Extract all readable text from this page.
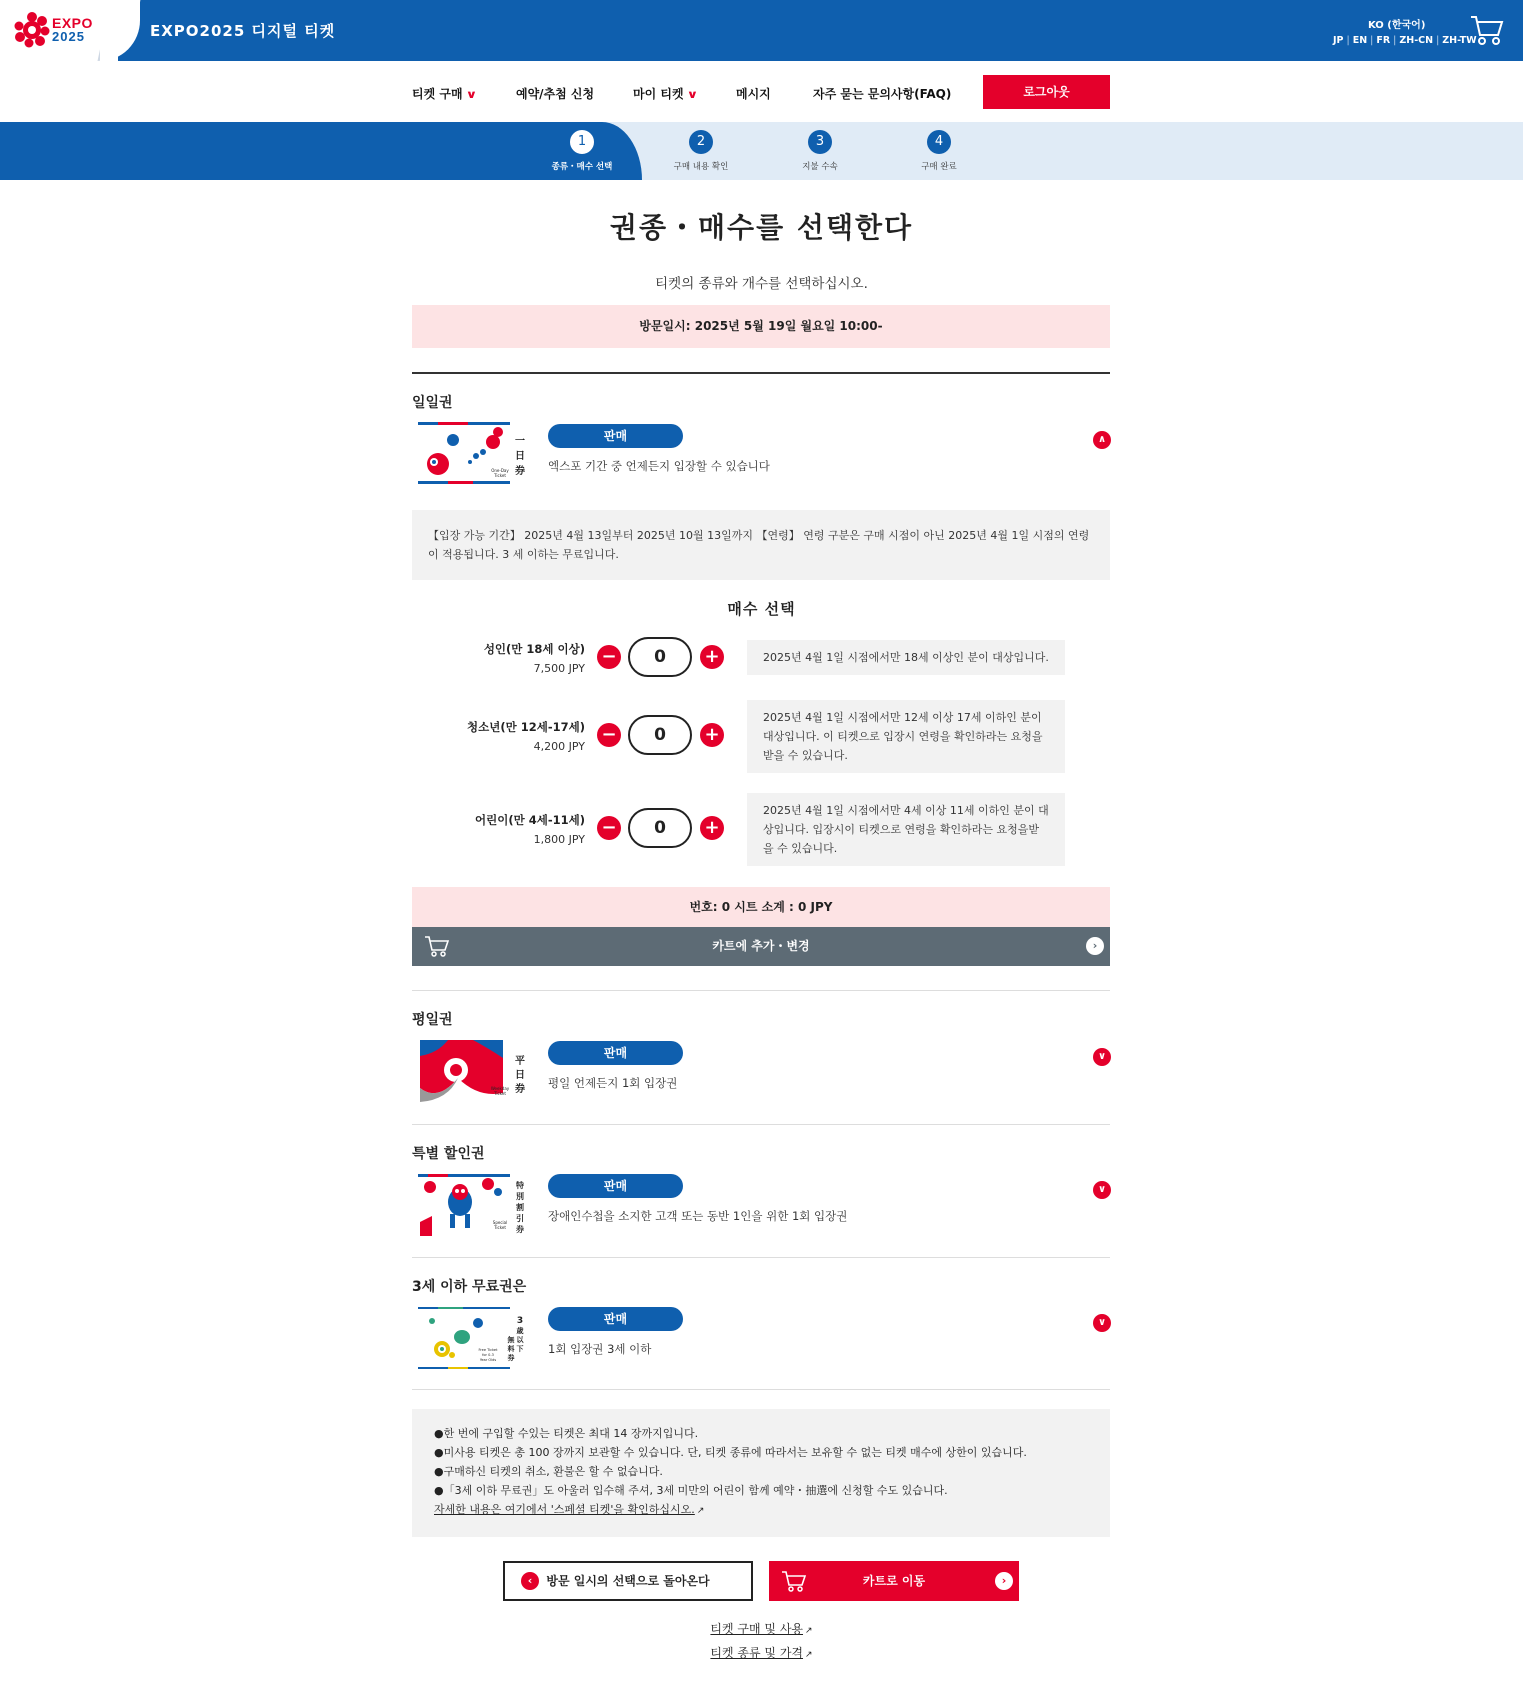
EXPO
2025	EXPO2025 디지털 티켓	KO (한국어)
JP | EN | FR | ZH-CN | ZH-TW
티켓 구매 ∨	예약/추첨 신청	마이 티켓 ∨	메시지	자주 묻는 문의사항(FAQ)	로그아웃
1
종류・매수 선택
2
구매 내용 확인
3
지불 수속
4
구매 완료
권종・매수를 선택한다
티켓의 종류와 개수를 선택하십시오.
방문일시: 2025년 5월 19일 월요일 10:00-
일일권
一
日
券
One-Day
Ticket
판매
엑스포 기간 중 언제든지 입장할 수 있습니다
∧
【입장 가능 기간】 2025년 4월 13일부터 2025년 10월 13일까지 【연령】 연령 구분은 구매 시점이 아닌 2025년 4월 1일 시점의 연령이 적용됩니다. 3 세 이하는 무료입니다.
매수 선택
성인(만 18세 이상)
7,500 JPY
−	0	+	2025년 4월 1일 시점에서만 18세 이상인 분이 대상입니다.
청소년(만 12세-17세)
4,200 JPY
−	0	+
2025년 4월 1일 시점에서만 12세 이상 17세 이하인 분이 대상입니다. 이 티켓으로 입장시 연령을 확인하라는 요청을 받을 수 있습니다.
어린이(만 4세-11세)
1,800 JPY
−	0	+
2025년 4월 1일 시점에서만 4세 이상 11세 이하인 분이 대상입니다. 입장시이 티켓으로 연령을 확인하라는 요청을받을 수 있습니다.
번호: 0 시트 소계 : 0 JPY
카트에 추가・변경	›
평일권
平
日
券
Weekday
Ticket
판매
평일 언제든지 1회 입장권
∨
특별 할인권
特
別
割
引
券
Special
Ticket
판매
장애인수첩을 소지한 고객 또는 동반 1인을 위한 1회 입장권
∨
3세 이하 무료권은
3
歳
以
下
無
料
券
Free Ticket
for 0-3
Year Olds
판매
1회 입장권 3세 이하
∨
●한 번에 구입할 수있는 티켓은 최대 14 장까지입니다.
●미사용 티켓은 총 100 장까지 보관할 수 있습니다. 단, 티켓 종류에 따라서는 보유할 수 없는 티켓 매수에 상한이 있습니다.
●구매하신 티켓의 취소, 환불은 할 수 없습니다.
●「3세 이하 무료권」도 아울러 입수해 주셔, 3세 미만의 어린이 함께 예약・抽選에 신청할 수도 있습니다.
자세한 내용은 여기에서 '스페셜 티켓'을 확인하십시오. ↗
‹	방문 일시의 선택으로 돌아온다	카트로 이동	›
티켓 구매 및 사용 ↗
티켓 종류 및 가격 ↗
